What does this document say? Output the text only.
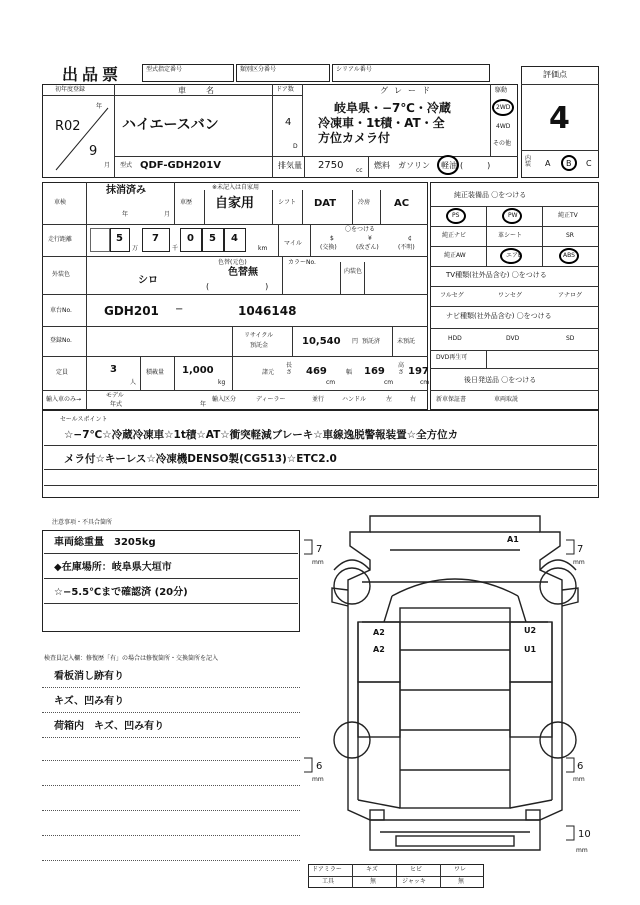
出品票	型式指定番号	類別区分番号	シリアル番号
評価点
4
内装 A B C
初年度登録
R02
年
9
月
車名
ハイエースバン
ドア数
4
D
グレード
岐阜県・−7℃・冷蔵
冷凍車・1t積・AT・全
方位カメラ付
駆動
2WD
4WD
その他
型式 QDF-GDH201V	排気量 2750 cc
燃料 ガソリン 軽油 (　　　)
車検
抹消済み
年	月
※未記入は自家用
車歴 自家用	シフト DAT	冷房 AC
走行距離	5
万
7
千
0 5 4
km
マイル
〇をつける
$
(交換)
¥
(改ざん)
¢
(不明)
外装色
シロ
色替(元色)
色替無
(　　　　　　　)
カラーNo.
内装色
車台No.	GDH201 −	1046148
登録No.
リサイクル
預託金	10,540 円 預託済	未預託
定員	3
人
積載量 1,000
kg
諸元
長さ 469
cm
幅 169
cm
高さ 197
cm
輸入車のみ→
モデル
年式	年
輸入区分	ディーラー	並行	ハンドル	左	右
純正装備品 〇をつける
PS	PW	純正TV
純正ナビ	革シート	SR
純正AW	エアB	ABS
TV種類(社外品含む) 〇をつける
フルセグ	ワンセグ	アナログ
ナビ種類(社外品含む) 〇をつける
HDD	DVD	SD
DVD再生可
後日発送品 〇をつける
新車保証書	車両取説
セールスポイント
☆−7℃☆冷蔵冷凍車☆1t積☆AT☆衝突軽減ブレーキ☆車線逸脱警報装置☆全方位カ
メラ付☆キーレス☆冷凍機DENSO製(CG513)☆ETC2.0
注意事項・不具合箇所
車両総重量　3205kg
◆在庫場所：岐阜県大垣市
☆−5.5℃まで確認済 (20分)
検査員記入欄：修復歴「有」の場合は修復箇所・交換箇所を記入
看板消し跡有り
キズ、凹み有り
荷箱内　キズ、凹み有り
A1
A2
A2
U2
U1
7
mm
7
mm
6
mm
6
mm
10
mm
ドアミラー	キズ	ヒビ	ワレ
工具	無	ジャッキ	無
